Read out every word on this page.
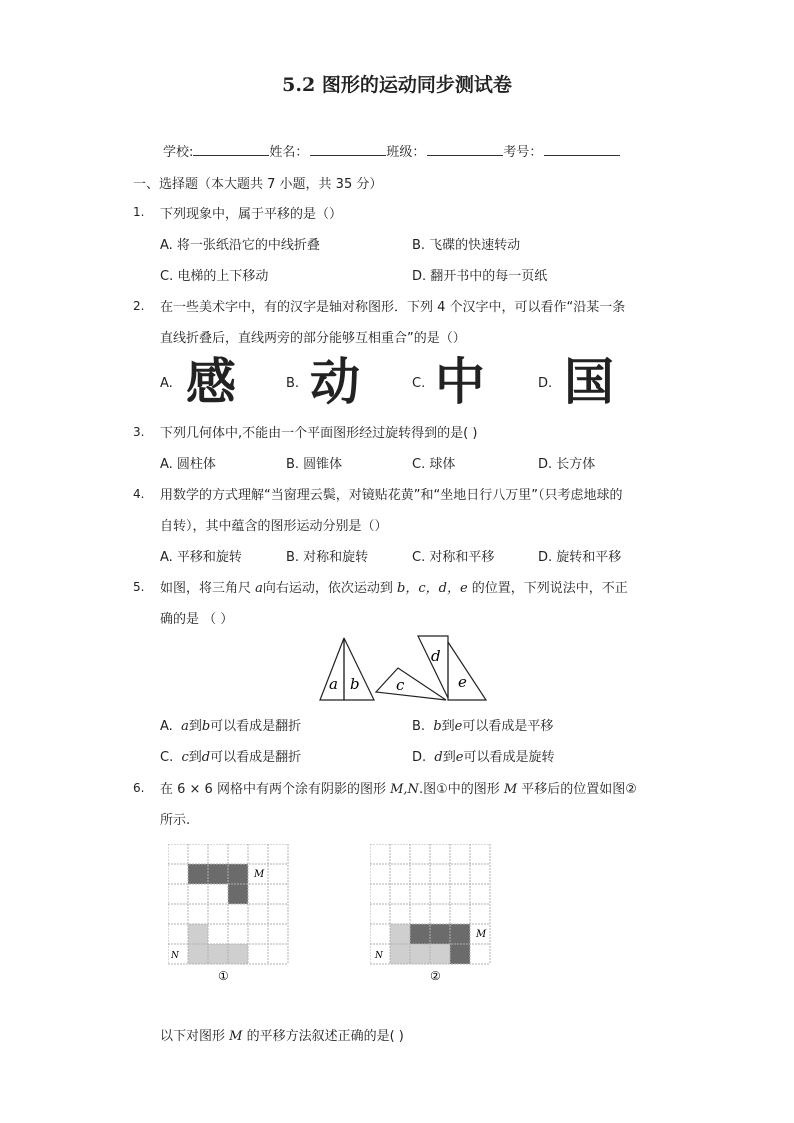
5.2 图形的运动同步测试卷
学校:	姓名：	班级：	考号：
一、选择题（本大题共 7 小题，共 35 分）
1. 下列现象中，属于平移的是（）
A. 将一张纸沿它的中线折叠	B. 飞碟的快速转动
C. 电梯的上下移动	D. 翻开书中的每一页纸
2. 在一些美术字中，有的汉字是轴对称图形．下列 4 个汉字中，可以看作“沿某一条
直线折叠后，直线两旁的部分能够互相重合”的是（）
A. 感	B. 动	C. 中	D. 国
3. 下列几何体中,不能由一个平面图形经过旋转得到的是( )
A. 圆柱体	B. 圆锥体	C. 球体	D. 长方体
4. 用数学的方式理解“当窗理云鬓，对镜贴花黄”和“坐地日行八万里”（只考虑地球的
自转），其中蕴含的图形运动分别是（）
A. 平移和旋转	B. 对称和旋转	C. 对称和平移	D. 旋转和平移
5. 如图，将三角尺 a向右运动，依次运动到 b，c，d，e 的位置，下列说法中，不正
确的是 （ ）
a b c
d
e
A. a到b可以看成是翻折	B. b到e可以看成是平移
C. c到d可以看成是翻折	D. d到e可以看成是旋转
6. 在 6 × 6 网格中有两个涂有阴影的图形 M,N.图①中的图形 M 平移后的位置如图②
所示.
M
N
①
M
N
②
以下对图形 M 的平移方法叙述正确的是( )
